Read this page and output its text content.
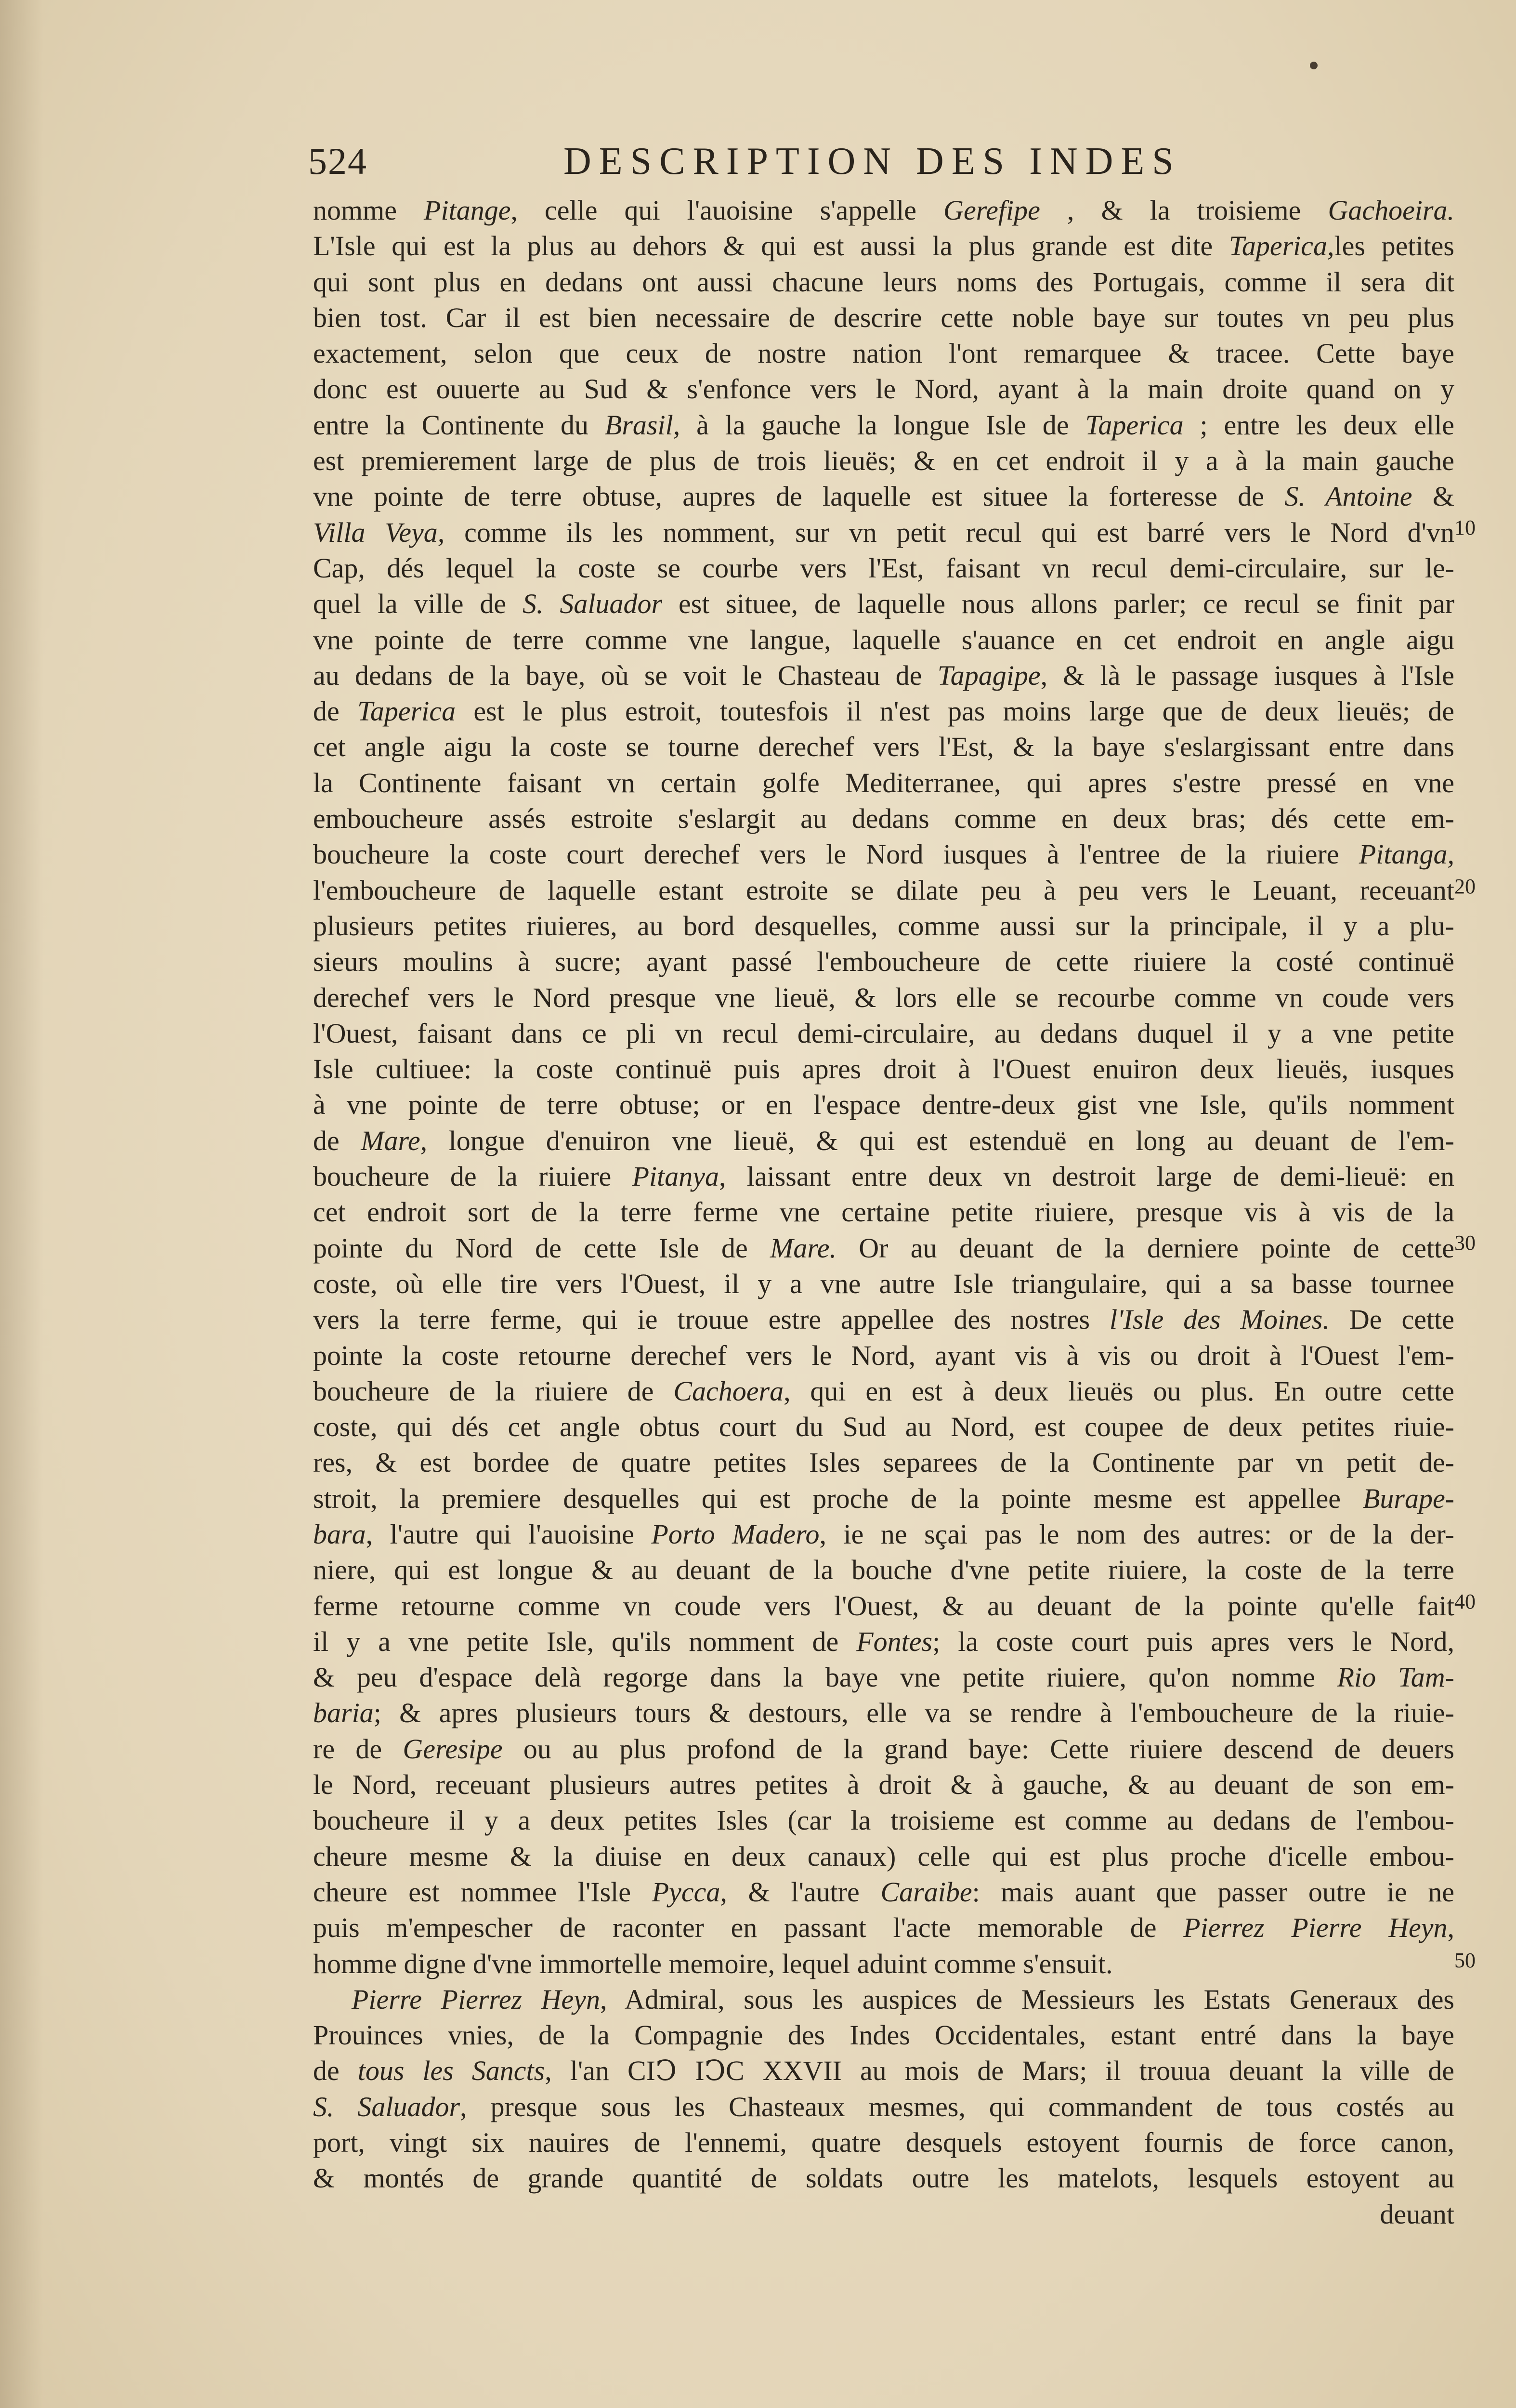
524	DESCRIPTION DES INDES
nomme Pitange, celle qui l'auoisine s'appelle Gerefipe , & la troisieme Gachoeira.
L'Isle qui est la plus au dehors & qui est aussi la plus grande est dite Taperica,les petites
qui sont plus en dedans ont aussi chacune leurs noms des Portugais, comme il sera dit
bien tost. Car il est bien necessaire de descrire cette noble baye sur toutes vn peu plus
exactement, selon que ceux de nostre nation l'ont remarquee & tracee. Cette baye
donc est ouuerte au Sud & s'enfonce vers le Nord, ayant à la main droite quand on y
entre la Continente du Brasil, à la gauche la longue Isle de Taperica ; entre les deux elle
est premierement large de plus de trois lieuës; & en cet endroit il y a à la main gauche
vne pointe de terre obtuse, aupres de laquelle est situee la forteresse de S. Antoine &
Villa Veya, comme ils les nomment, sur vn petit recul qui est barré vers le Nord d'vn
Cap, dés lequel la coste se courbe vers l'Est, faisant vn recul demi-circulaire, sur le-
quel la ville de S. Saluador est situee, de laquelle nous allons parler; ce recul se finit par
vne pointe de terre comme vne langue, laquelle s'auance en cet endroit en angle aigu
au dedans de la baye, où se voit le Chasteau de Tapagipe, & là le passage iusques à l'Isle
de Taperica est le plus estroit, toutesfois il n'est pas moins large que de deux lieuës; de
cet angle aigu la coste se tourne derechef vers l'Est, & la baye s'eslargissant entre dans
la Continente faisant vn certain golfe Mediterranee, qui apres s'estre pressé en vne
emboucheure assés estroite s'eslargit au dedans comme en deux bras; dés cette em-
boucheure la coste court derechef vers le Nord iusques à l'entree de la riuiere Pitanga,
l'emboucheure de laquelle estant estroite se dilate peu à peu vers le Leuant, receuant
plusieurs petites riuieres, au bord desquelles, comme aussi sur la principale, il y a plu-
sieurs moulins à sucre; ayant passé l'emboucheure de cette riuiere la costé continuë
derechef vers le Nord presque vne lieuë, & lors elle se recourbe comme vn coude vers
l'Ouest, faisant dans ce pli vn recul demi-circulaire, au dedans duquel il y a vne petite
Isle cultiuee: la coste continuë puis apres droit à l'Ouest enuiron deux lieuës, iusques
à vne pointe de terre obtuse; or en l'espace dentre-deux gist vne Isle, qu'ils nomment
de Mare, longue d'enuiron vne lieuë, & qui est estenduë en long au deuant de l'em-
boucheure de la riuiere Pitanya, laissant entre deux vn destroit large de demi-lieuë: en
cet endroit sort de la terre ferme vne certaine petite riuiere, presque vis à vis de la
pointe du Nord de cette Isle de Mare. Or au deuant de la derniere pointe de cette
coste, où elle tire vers l'Ouest, il y a vne autre Isle triangulaire, qui a sa basse tournee
vers la terre ferme, qui ie trouue estre appellee des nostres l'Isle des Moines. De cette
pointe la coste retourne derechef vers le Nord, ayant vis à vis ou droit à l'Ouest l'em-
boucheure de la riuiere de Cachoera, qui en est à deux lieuës ou plus. En outre cette
coste, qui dés cet angle obtus court du Sud au Nord, est coupee de deux petites riuie-
res, & est bordee de quatre petites Isles separees de la Continente par vn petit de-
stroit, la premiere desquelles qui est proche de la pointe mesme est appellee Burape-
bara, l'autre qui l'auoisine Porto Madero, ie ne sçai pas le nom des autres: or de la der-
niere, qui est longue & au deuant de la bouche d'vne petite riuiere, la coste de la terre
ferme retourne comme vn coude vers l'Ouest, & au deuant de la pointe qu'elle fait
il y a vne petite Isle, qu'ils nomment de Fontes; la coste court puis apres vers le Nord,
& peu d'espace delà regorge dans la baye vne petite riuiere, qu'on nomme Rio Tam-
baria; & apres plusieurs tours & destours, elle va se rendre à l'emboucheure de la riuie-
re de Geresipe ou au plus profond de la grand baye: Cette riuiere descend de deuers
le Nord, receuant plusieurs autres petites à droit & à gauche, & au deuant de son em-
boucheure il y a deux petites Isles (car la troisieme est comme au dedans de l'embou-
cheure mesme & la diuise en deux canaux) celle qui est plus proche d'icelle embou-
cheure est nommee l'Isle Pycca, & l'autre Caraibe: mais auant que passer outre ie ne
puis m'empescher de raconter en passant l'acte memorable de Pierrez Pierre Heyn,
homme digne d'vne immortelle memoire, lequel aduint comme s'ensuit.
Pierre Pierrez Heyn, Admiral, sous les auspices de Messieurs les Estats Generaux des
Prouinces vnies, de la Compagnie des Indes Occidentales, estant entré dans la baye
de tous les Sancts, l'an CIↃ IↃC XXVII au mois de Mars; il trouua deuant la ville de
S. Saluador, presque sous les Chasteaux mesmes, qui commandent de tous costés au
port, vingt six nauires de l'ennemi, quatre desquels estoyent fournis de force canon,
& montés de grande quantité de soldats outre les matelots, lesquels estoyent au
deuant
10
20
30
40
50
